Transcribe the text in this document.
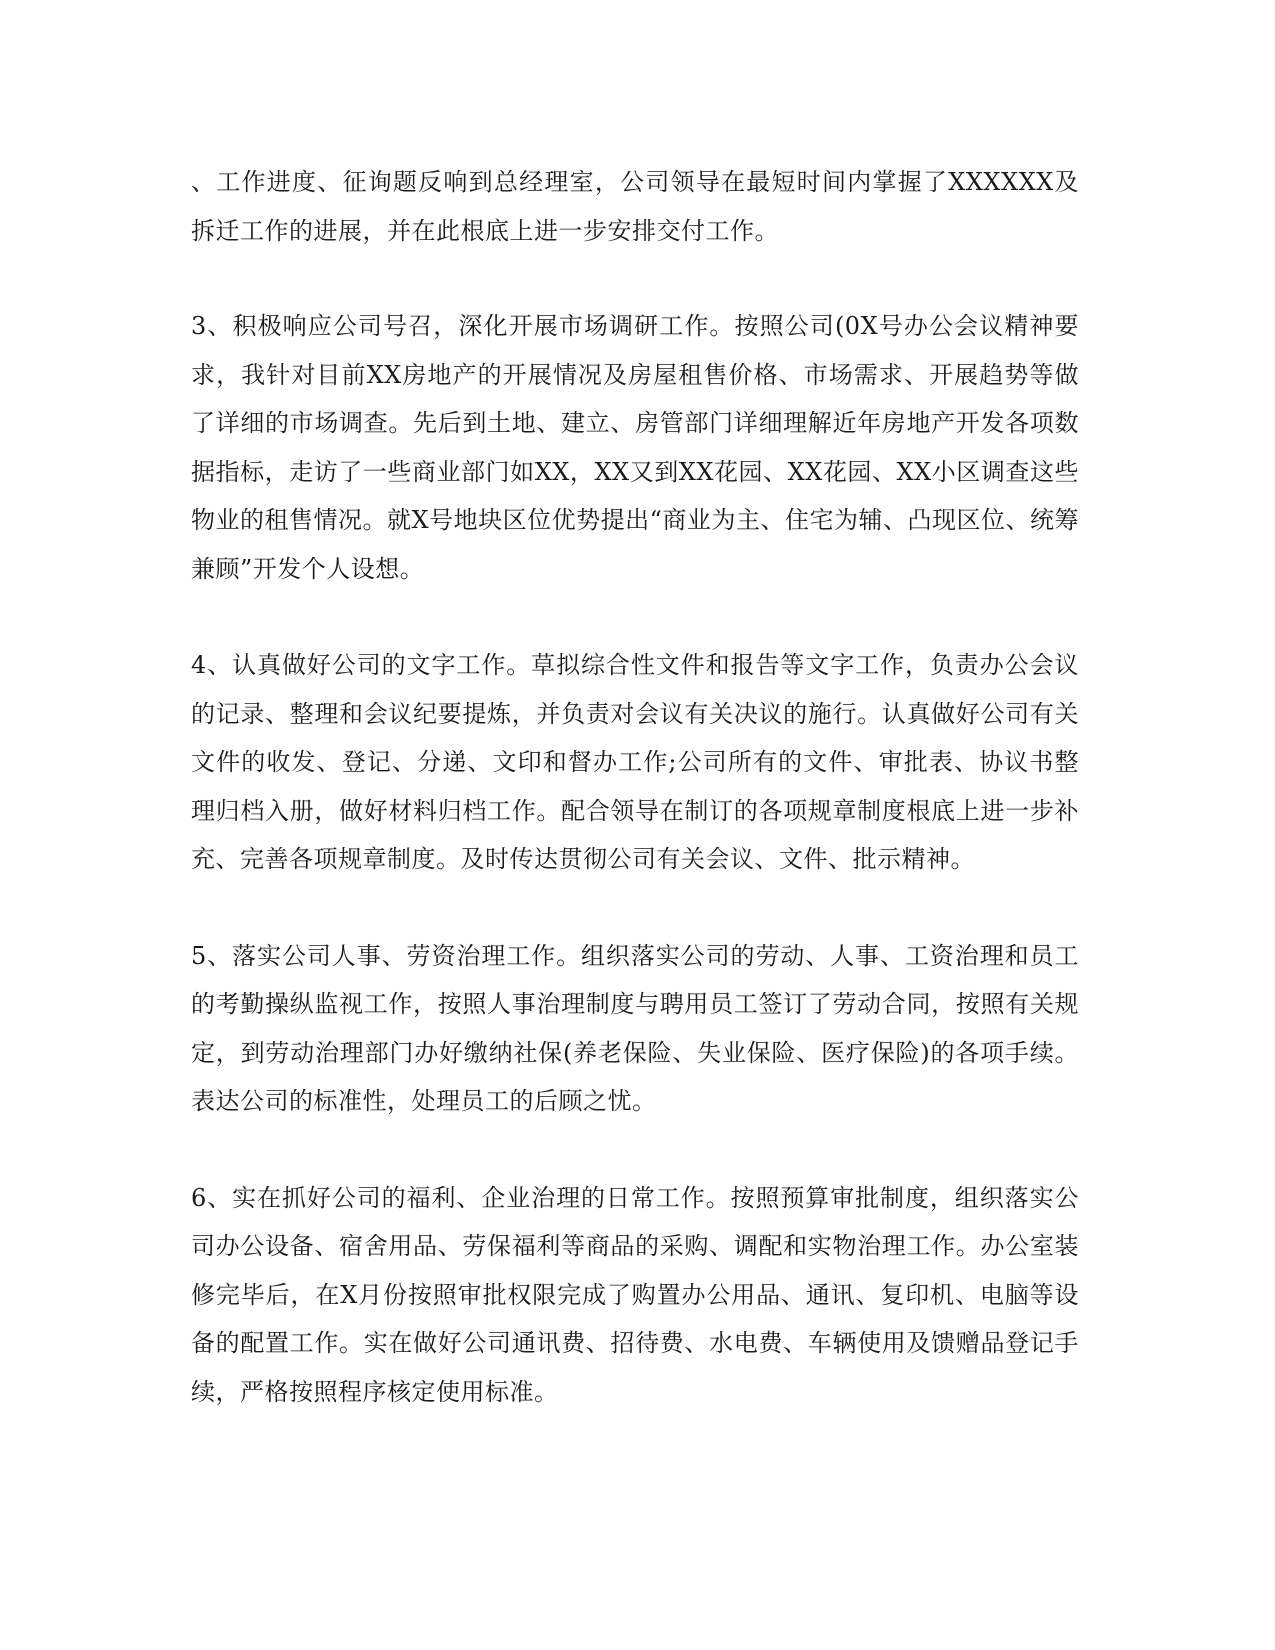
、工作进度、征询题反响到总经理室，公司领导在最短时间内掌握了XXXXXX及拆迁工作的进展，并在此根底上进一步安排交付工作。

3、积极响应公司号召，深化开展市场调研工作。按照公司(0X号办公会议精神要求，我针对目前XX房地产的开展情况及房屋租售价格、市场需求、开展趋势等做了详细的市场调查。先后到土地、建立、房管部门详细理解近年房地产开发各项数据指标，走访了一些商业部门如XX，XX又到XX花园、XX花园、XX小区调查这些物业的租售情况。就X号地块区位优势提出“商业为主、住宅为辅、凸现区位、统筹兼顾”开发个人设想。

4、认真做好公司的文字工作。草拟综合性文件和报告等文字工作，负责办公会议的记录、整理和会议纪要提炼，并负责对会议有关决议的施行。认真做好公司有关文件的收发、登记、分递、文印和督办工作;公司所有的文件、审批表、协议书整理归档入册，做好材料归档工作。配合领导在制订的各项规章制度根底上进一步补充、完善各项规章制度。及时传达贯彻公司有关会议、文件、批示精神。

5、落实公司人事、劳资治理工作。组织落实公司的劳动、人事、工资治理和员工的考勤操纵监视工作，按照人事治理制度与聘用员工签订了劳动合同，按照有关规定，到劳动治理部门办好缴纳社保(养老保险、失业保险、医疗保险)的各项手续。表达公司的标准性，处理员工的后顾之忧。

6、实在抓好公司的福利、企业治理的日常工作。按照预算审批制度，组织落实公司办公设备、宿舍用品、劳保福利等商品的采购、调配和实物治理工作。办公室装修完毕后，在X月份按照审批权限完成了购置办公用品、通讯、复印机、电脑等设备的配置工作。实在做好公司通讯费、招待费、水电费、车辆使用及馈赠品登记手续，严格按照程序核定使用标准。
